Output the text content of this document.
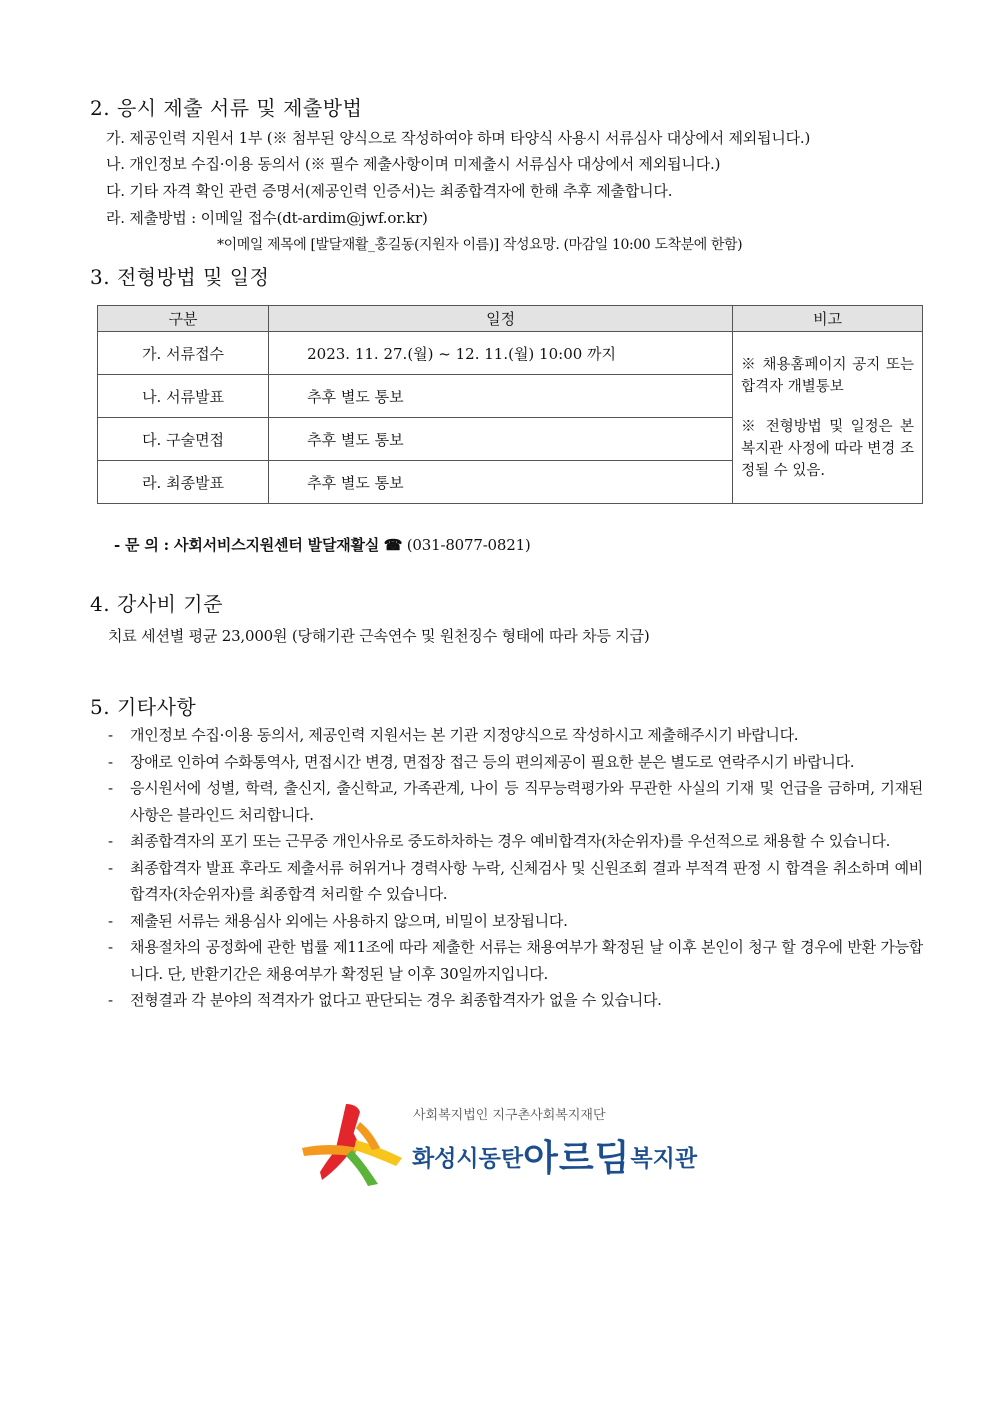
2. 응시 제출 서류 및 제출방법

가. 제공인력 지원서 1부 (※ 첨부된 양식으로 작성하여야 하며 타양식 사용시 서류심사 대상에서 제외됩니다.)

나. 개인정보 수집·이용 동의서 (※ 필수 제출사항이며 미제출시 서류심사 대상에서 제외됩니다.)

다. 기타 자격 확인 관련 증명서(제공인력 인증서)는 최종합격자에 한해 추후 제출합니다.

라. 제출방법 : 이메일 접수(dt-ardim@jwf.or.kr)

*이메일 제목에 [발달재활_홍길동(지원자 이름)] 작성요망. (마감일 10:00 도착분에 한함)

3. 전형방법 및 일정
구분	일정	비고
가. 서류접수	2023. 11. 27.(월) ~ 12. 11.(월) 10:00 까지	※ 채용홈페이지 공지 또는 합격자 개별통보

※ 전형방법 및 일정은 본 복지관 사정에 따라 변경 조정될 수 있음.

나. 서류발표	추후 별도 통보	
다. 구술면접	추후 별도 통보	
라. 최종발표	추후 별도 통보	

- 문 의 : 사회서비스지원센터 발달재활실 ☎ (031-8077-0821)

4. 강사비 기준

치료 세션별 평균 23,000원 (당해기관 근속연수 및 원천징수 형태에 따라 차등 지급)

5. 기타사항
- 개인정보 수집·이용 동의서, 제공인력 지원서는 본 기관 지정양식으로 작성하시고 제출해주시기 바랍니다.
- 장애로 인하여 수화통역사, 면접시간 변경, 면접장 접근 등의 편의제공이 필요한 분은 별도로 연락주시기 바랍니다.
- 응시원서에 성별, 학력, 출신지, 출신학교, 가족관계, 나이 등 직무능력평가와 무관한 사실의 기재 및 언급을 금하며, 기재된 사항은 블라인드 처리합니다.
- 최종합격자의 포기 또는 근무중 개인사유로 중도하차하는 경우 예비합격자(차순위자)를 우선적으로 채용할 수 있습니다.
- 최종합격자 발표 후라도 제출서류 허위거나 경력사항 누락, 신체검사 및 신원조회 결과 부적격 판정 시 합격을 취소하며 예비합격자(차순위자)를 최종합격 처리할 수 있습니다.
- 제출된 서류는 채용심사 외에는 사용하지 않으며, 비밀이 보장됩니다.
- 채용절차의 공정화에 관한 법률 제11조에 따라 제출한 서류는 채용여부가 확정된 날 이후 본인이 청구 할 경우에 반환 가능합니다. 단, 반환기간은 채용여부가 확정된 날 이후 30일까지입니다.
- 전형결과 각 분야의 적격자가 없다고 판단되는 경우 최종합격자가 없을 수 있습니다.
사회복지법인 지구촌사회복지재단
화성시동탄아르딤복지관
